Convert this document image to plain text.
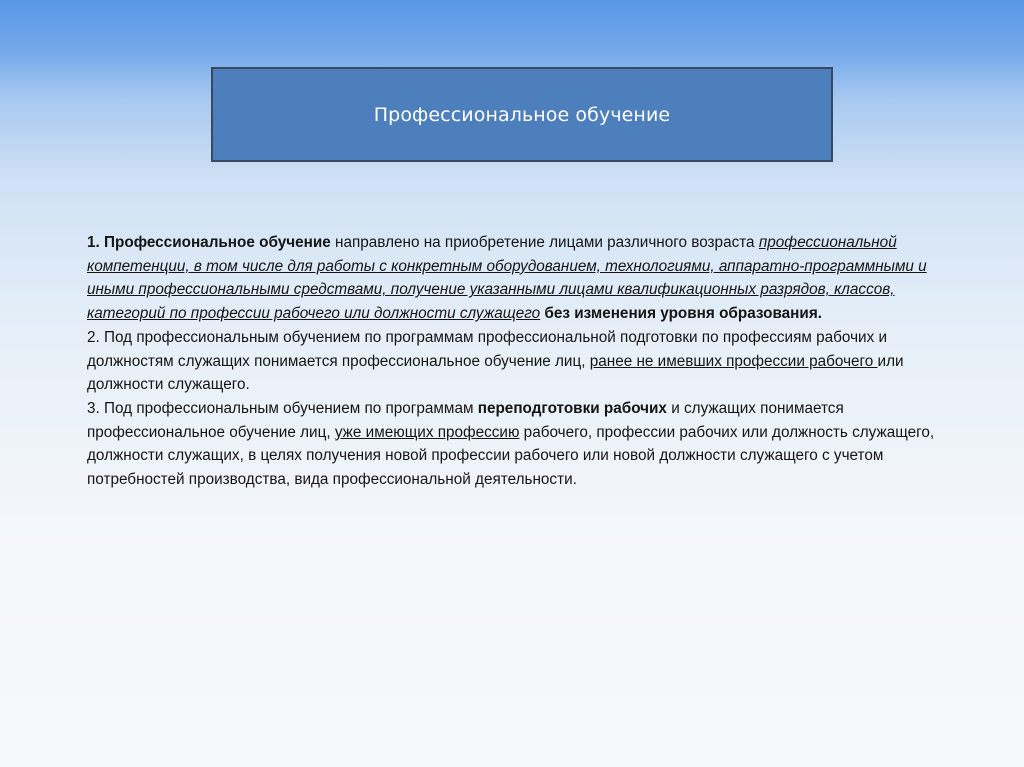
Профессиональное обучение

1. Профессиональное обучение направлено на приобретение лицами различного возраста профессиональной компетенции, в том числе для работы с конкретным оборудованием, технологиями, аппаратно-программными и иными профессиональными средствами, получение указанными лицами квалификационных разрядов, классов, категорий по профессии рабочего или должности служащего без изменения уровня образования.

2. Под профессиональным обучением по программам профессиональной подготовки по профессиям рабочих и должностям служащих понимается профессиональное обучение лиц, ранее не имевших профессии рабочего или должности служащего.

3. Под профессиональным обучением по программам переподготовки рабочих и служащих понимается профессиональное обучение лиц, уже имеющих профессию рабочего, профессии рабочих или должность служащего, должности служащих, в целях получения новой профессии рабочего или новой должности служащего с учетом потребностей производства, вида профессиональной деятельности.
